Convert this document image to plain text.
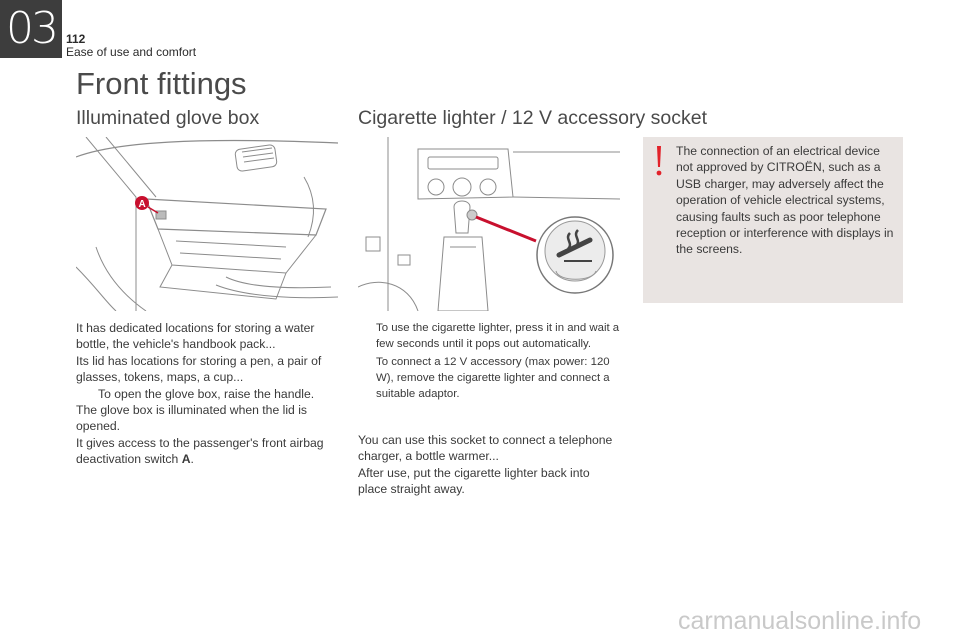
03 112
Ease of use and comfort
Front fittings
Illuminated glove box
A

It has dedicated locations for storing a water bottle, the vehicle's handbook pack...

Its lid has locations for storing a pen, a pair of glasses, tokens, maps, a cup...

To open the glove box, raise the handle.

The glove box is illuminated when the lid is opened.

It gives access to the passenger's front airbag deactivation switch A.

Cigarette lighter / 12 V accessory socket
To use the cigarette lighter, press it in and wait a few seconds until it pops out automatically.
To connect a 12 V accessory (max power: 120 W), remove the cigarette lighter and connect a suitable adaptor.

You can use this socket to connect a telephone charger, a bottle warmer...

After use, put the cigarette lighter back into place straight away.

The connection of an electrical device not approved by CITROËN, such as a USB charger, may adversely affect the operation of vehicle electrical systems, causing faults such as poor telephone reception or interference with displays in the screens.
carmanualsonline.info
